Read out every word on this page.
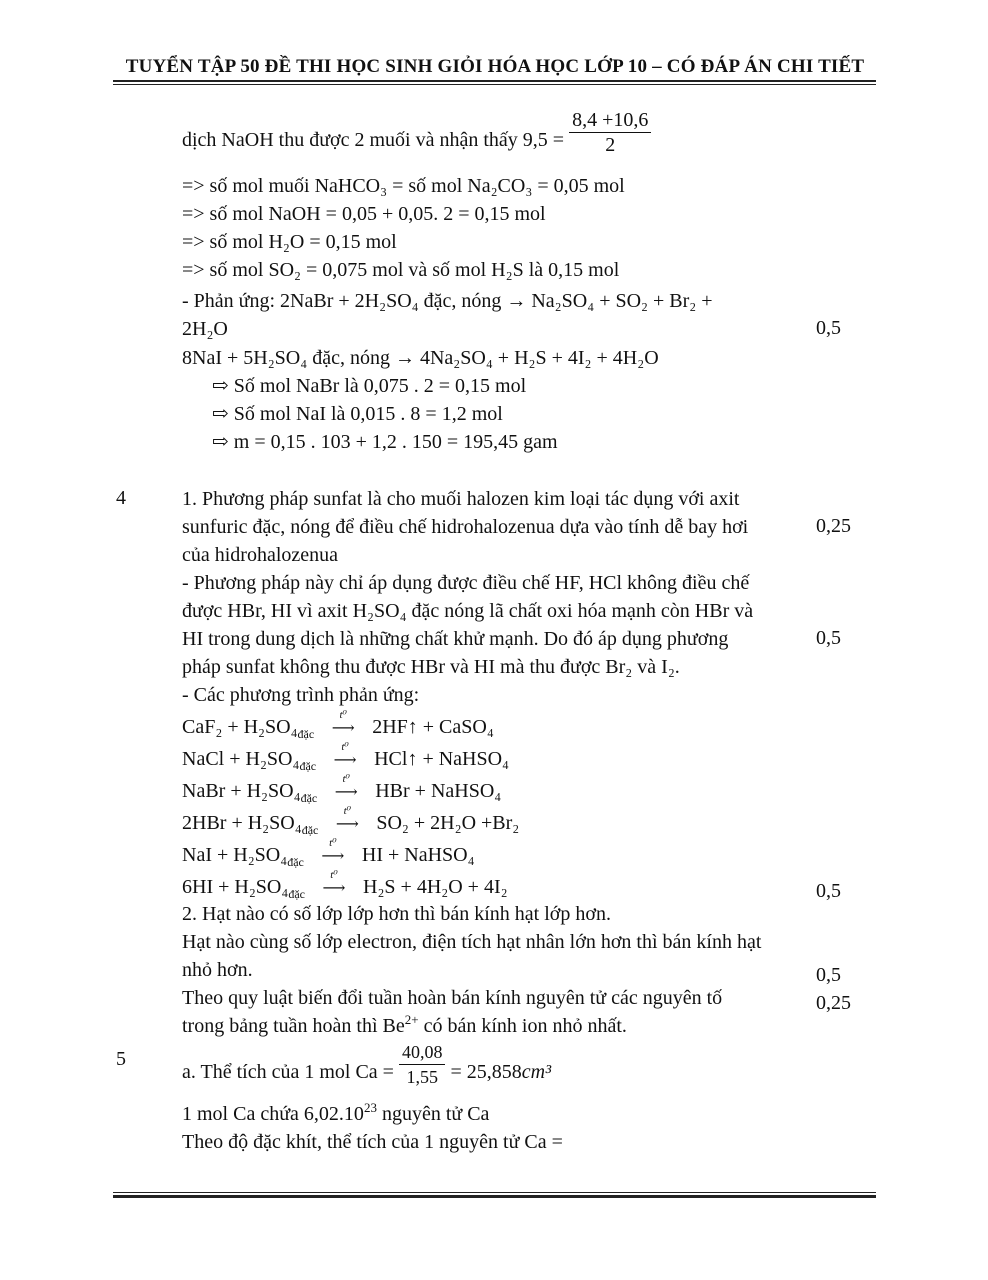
TUYỂN TẬP 50 ĐỀ THI HỌC SINH GIỎI HÓA HỌC LỚP 10 – CÓ ĐÁP ÁN CHI TIẾT
dịch NaOH thu được 2 muối và nhận thấy $9,5 = \frac{8,4 +10,6}{2}$
=> số mol muối NaHCO₃ = số mol Na₂CO₃ = 0,05 mol
=> số mol NaOH = 0,05 + 0,05. 2 = 0,15 mol
=> số mol H₂O = 0,15 mol
=> số mol SO₂ = 0,075 mol và số mol H₂S là 0,15 mol
- Phản ứng: 2NaBr + 2H₂SO₄ đặc, nóng → Na₂SO₄ + SO₂ + Br₂ +
2H₂O	0,5
8NaI + 5H₂SO₄ đặc, nóng → 4Na₂SO₄ + H₂S + 4I₂ + 4H₂O
⇨ Số mol NaBr là 0,075 . 2 = 0,15 mol
⇨ Số mol NaI là 0,015 . 8 = 1,2 mol
⇨ m = 0,15 . 103 + 1,2 . 150 = 195,45 gam
4	1. Phương pháp sunfat là cho muối halozen kim loại tác dụng với axit
sunfuric đặc, nóng để điều chế hidrohalozenua dựa vào tính dễ bay hơi	0,25
của hidrohalozenua
- Phương pháp này chỉ áp dụng được điều chế HF, HCl không điều chế
được HBr, HI vì axit H₂SO₄ đặc nóng lã chất oxi hóa mạnh còn HBr và
HI trong dung dịch là những chất khử mạnh. Do đó áp dụng phương	0,5
pháp sunfat không thu được HBr và HI mà thu được Br₂ và I₂.
- Các phương trình phản ứng:
$CaF_2 + H_2SO_4_{đặc}$
t⁰
⟶ 2HF↑ + CaSO₄
NaCl + $H_2SO_4_{đặc}$
t⁰
⟶ HCl↑ + NaHSO₄
NaBr + $H_2SO_4_{đặc}$
t⁰
⟶ HBr + NaHSO₄
$2HBr + H_2SO_4_{đặc}$
t⁰
⟶ SO₂ + 2H₂O +Br₂
NaI + $H_2SO_4_{đặc}$
t⁰
⟶ HI + NaHSO₄
$6HI + H_2SO_4_{đặc}$
t⁰
⟶ H₂S + 4H₂O + 4I₂	0,5
2. Hạt nào có số lớp lớp hơn thì bán kính hạt lớp hơn.
Hạt nào cùng số lớp electron, điện tích hạt nhân lớn hơn thì bán kính hạt
nhỏ hơn.	0,5
Theo quy luật biến đổi tuần hoàn bán kính nguyên tử các nguyên tố	0,25
trong bảng tuần hoàn thì $Be^{2+}$ có bán kính ion nhỏ nhất.
5
a. Thể tích của 1 mol $Ca = \frac{40,08}{1,55} = 25,858cm^3$
1 mol Ca chứa 6,02.10$^{23}$ nguyên tử Ca
Theo độ đặc khít, thể tích của 1 nguyên tử Ca =
